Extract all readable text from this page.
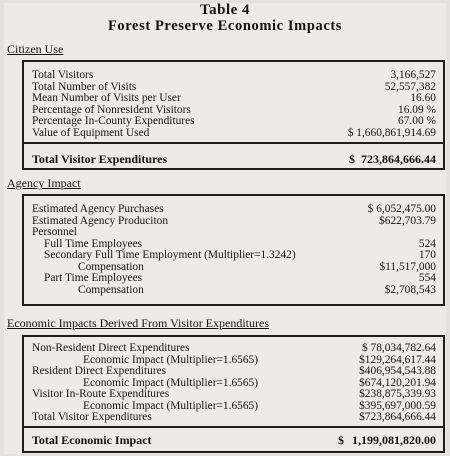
Table 4
Forest Preserve Economic Impacts
Citizen Use
Total Visitors	3,166,527
Total Number of Visits	52,557,382
Mean Number of Visits per User	16.60
Percentage of Nonresident Visitors	16.09 %
Percentage In-County Expenditures	67.00 %
Value of Equipment Used	$ 1,660,861,914.69
Total Visitor Expenditures	$ 723,864,666.44
Agency Impact
Estimated Agency Purchases	$ 6,052,475.00
Estimated Agency Produciton	$622,703.79
Personnel
Full Time Employees	524
Secondary Full Time Employment (Multiplier=1.3242)	170
Compensation	$11,517,000
Part Time Employees	554
Compensation	$2,708,543
Economic Impacts Derived From Visitor Expenditures
Non-Resident Direct Expenditures	$ 78,034,782.64
Economic Impact (Multiplier=1.6565)	$129,264,617.44
Resident Direct Expenditures	$406,954,543.88
Economic Impact (Multiplier=1.6565)	$674,120,201.94
Visitor In-Route Expenditures	$238,875,339.93
Economic Impact (Multiplier=1.6565)	$395,697,000.59
Total Visitor Expenditures	$723,864,666.44
Total Economic Impact	$ 1,199,081,820.00
